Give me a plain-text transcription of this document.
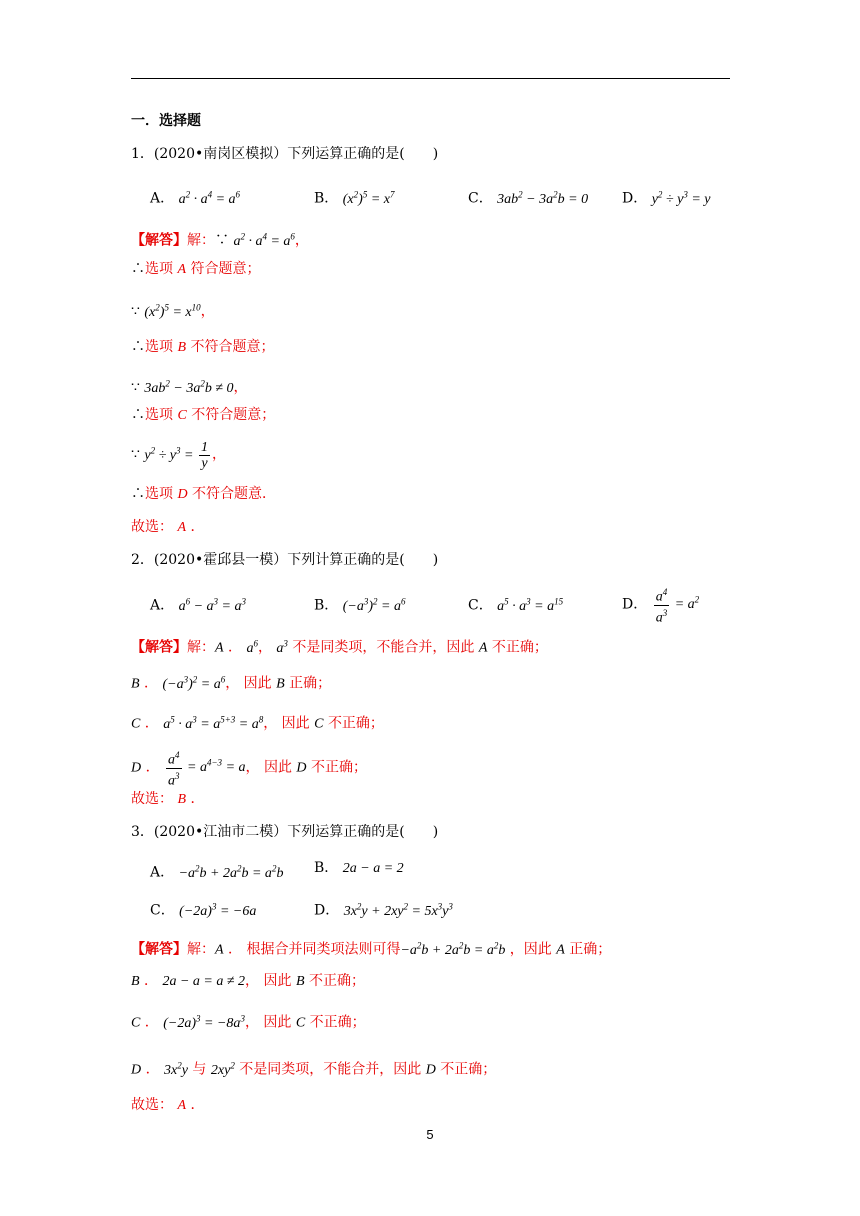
一．选择题
1．(2020•南岗区模拟）下列运算正确的是(　　)
A． $a^2 \cdot a^4 = a^6$	B． $(x^2)^5 = x^7$	C． $3ab^2 - 3a^2b = 0$ D． $y^2 \div y^3 = y$
【解答】解：∵ $a^2 \cdot a^4 = a^6$，
∴选项 A 符合题意；
∵ $(x^2)^5 = x^{10}$，
∴选项 B 不符合题意；
∵ $3ab^2 - 3a^2b \ne 0$，
∴选项 C 不符合题意；
∵ $y^2 \div y^3 = \frac{1}{y}$ ，
∴选项 D 不符合题意．
故选： A ．
2．(2020•霍邱县一模）下列计算正确的是(　　)
A． $a^6 - a^3 = a^3$	B． $(-a^3)^2 = a^6$	C． $a^5 \cdot a^3 = a^{15}$	D． $\frac{a^4}{a^3} = a^2$
【解答】解：A ． $a^6$， $a^3$ 不是同类项，不能合并，因此 A 不正确；
B ． $(-a^3)^2 = a^6$， 因此 B 正确；
C ． $a^5 \cdot a^3 = a^{5+3} = a^8$， 因此 C 不正确；
D ． $\frac{a^4}{a^3} = a^{4-3} = a$， 因此 D 不正确；
故选： B ．
3．(2020•江油市二模）下列运算正确的是(　　)
A． $-a^2b + 2a^2b = a^2b$ B． 2a − a = 2
C． $(-2a)^3 = -6a$	D． $3x^2y + 2xy^2 = 5x^3y^3$
【解答】解：A ． 根据合并同类项法则可得$-a^2b + 2a^2b = a^2b$ ，因此 A 正确；
B ． 2a − a = a ≠ 2， 因此 B 不正确；
C ． $(-2a)^3 = -8a^3$， 因此 C 不正确；
D ． $3x^2y$ 与 $2xy^2$ 不是同类项，不能合并，因此 D 不正确；
故选： A ．
5
